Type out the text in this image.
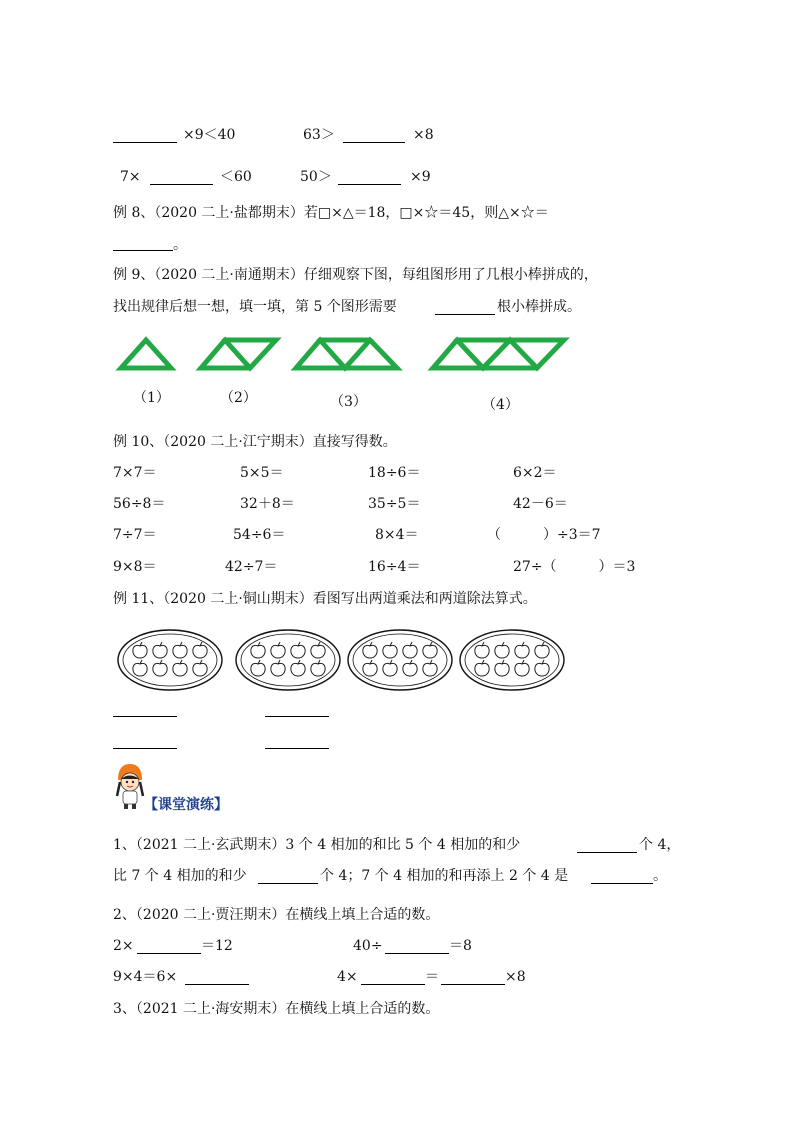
×9＜40	63＞	×8
7×	＜60	50＞	×9
例 8、（2020 二上·盐都期末）若□×△＝18，□×☆＝45，则△×☆＝
。
例 9、（2020 二上·南通期末）仔细观察下图，每组图形用了几根小棒拼成的，
找出规律后想一想，填一填，第 5 个图形需要	根小棒拼成。
（1）	（2）	（3）	（4）
例 10、（2020 二上·江宁期末）直接写得数。
7×7＝	5×5＝	18÷6＝	6×2＝
56÷8＝	32＋8＝	35÷5＝	42－6＝
7÷7＝	54÷6＝	8×4＝	（　　　）÷3＝7
9×8＝	42÷7＝	16÷4＝	27÷（　　　）＝3
例 11、（2020 二上·铜山期末）看图写出两道乘法和两道除法算式。
【课堂演练】
1、（2021 二上·玄武期末）3 个 4 相加的和比 5 个 4 相加的和少	个 4，
比 7 个 4 相加的和少	个 4；7 个 4 相加的和再添上 2 个 4 是	。
2、（2020 二上·贾汪期末）在横线上填上合适的数。
2×	＝12	40÷	＝8
9×4＝6×	4×	＝	×8
3、（2021 二上·海安期末）在横线上填上合适的数。
